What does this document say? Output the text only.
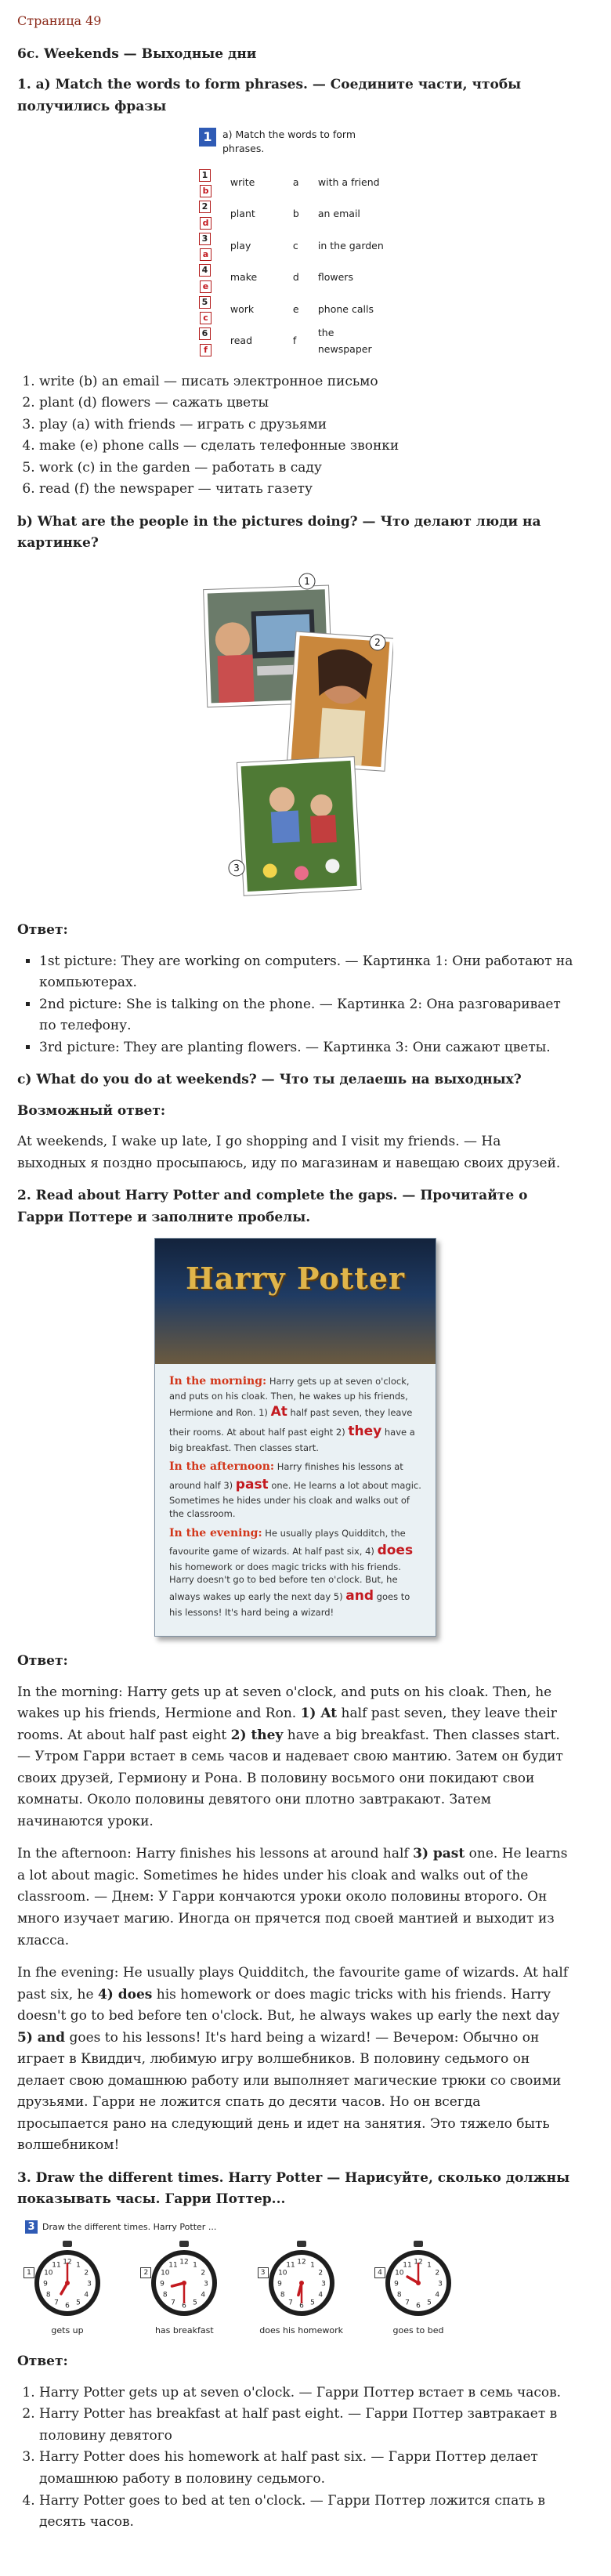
Страница 49

6c. Weekends — Выходные дни
1. a) Match the words to form phrases. — Соедините части, чтобы получились фразы
1	a) Match the words to form phrases.
1b	write	a	with a friend
2d	plant	b	an email
3a	play	c	in the garden
4e	make	d	flowers
5c	work	e	phone calls
6f	read	f	the newspaper
1. write (b) an email — писать электронное письмо
2. plant (d) flowers — сажать цветы
3. play (a) with friends — играть с друзьями
4. make (e) phone calls — сделать телефонные звонки
5. work (c) in the garden — работать в саду
6. read (f) the newspaper — читать газету
b) What are the people in the pictures doing? — Что делают люди на картинке?
1
2
3
Ответ:
▪ 1st picture: They are working on computers. — Картинка 1: Они работают на компьютерах.
▪ 2nd picture: She is talking on the phone. — Картинка 2: Она разговаривает по телефону.
▪ 3rd picture: They are planting flowers. — Картинка 3: Они сажают цветы.
c) What do you do at weekends? — Что ты делаешь на выходных?
Возможный ответ:

At weekends, I wake up late, I go shopping and I visit my friends. — На выходных я поздно просыпаюсь, иду по магазинам и навещаю своих друзей.

2. Read about Harry Potter and complete the gaps. — Прочитайте о Гарри Поттере и заполните пробелы.
Harry Potter
In the morning: Harry gets up at seven o'clock, and puts on his cloak. Then, he wakes up his friends, Hermione and Ron. 1) At half past seven, they leave their rooms. At about half past eight 2) they have a big breakfast. Then classes start.
In the afternoon: Harry finishes his lessons at around half 3) past one. He learns a lot about magic. Sometimes he hides under his cloak and walks out of the classroom.
In the evening: He usually plays Quidditch, the favourite game of wizards. At half past six, 4) does his homework or does magic tricks with his friends. Harry doesn't go to bed before ten o'clock. But, he always wakes up early the next day 5) and goes to his lessons! It's hard being a wizard!
Ответ:

In the morning: Harry gets up at seven o'clock, and puts on his cloak. Then, he wakes up his friends, Hermione and Ron. 1) At half past seven, they leave their rooms. At about half past eight 2) they have a big breakfast. Then classes start. — Утром Гарри встает в семь часов и надевает свою мантию. Затем он будит своих друзей, Гермиону и Рона. В половину восьмого они покидают свои комнаты. Около половины девятого они плотно завтракают. Затем начинаются уроки.

In the afternoon: Harry finishes his lessons at around half 3) past one. He learns a lot about magic. Sometimes he hides under his cloak and walks out of the classroom. — Днем: У Гарри кончаются уроки около половины второго. Он много изучает магию. Иногда он прячется под своей мантией и выходит из класса.

In fhe evening: He usually plays Quidditch, the favourite game of wizards. At half past six, he 4) does his homework or does magic tricks with his friends. Harry doesn't go to bed before ten o'clock. But, he always wakes up early the next day 5) and goes to his lessons! It's hard being a wizard! — Вечером: Обычно он играет в Квиддич, любимую игру волшебников. В половину седьмого он делает свою домашнюю работу или выполняет магические трюки со своими друзьями. Гарри не ложится спать до десяти часов. Но он всегда просыпается рано на следующий день и идет на занятия. Это тяжело быть волшебником!

3. Draw the different times. Harry Potter — Нарисуйте, сколько должны показывать часы. Гарри Поттер...
3 Draw the different times. Harry Potter ...
1
1
2
3
4
5
6
7
8
9
10
11 12
gets up
2
1
2
3
4
5
6
7
8
9
10
11 12
has breakfast
3
1
2
3
4
5
6
7
8
9
10
11 12
does his homework
4
1
2
3
4
5
6
7
8
9
10
11 12
goes to bed
Ответ:
1. Harry Potter gets up at seven o'clock. — Гарри Поттер встает в семь часов.
2. Harry Potter has breakfast at half past eight. — Гарри Поттер завтракает в половину девятого
3. Harry Potter does his homework at half past six. — Гарри Поттер делает домашнюю работу в половину седьмого.
4. Harry Potter goes to bed at ten o'clock. — Гарри Поттер ложится спать в десять часов.
